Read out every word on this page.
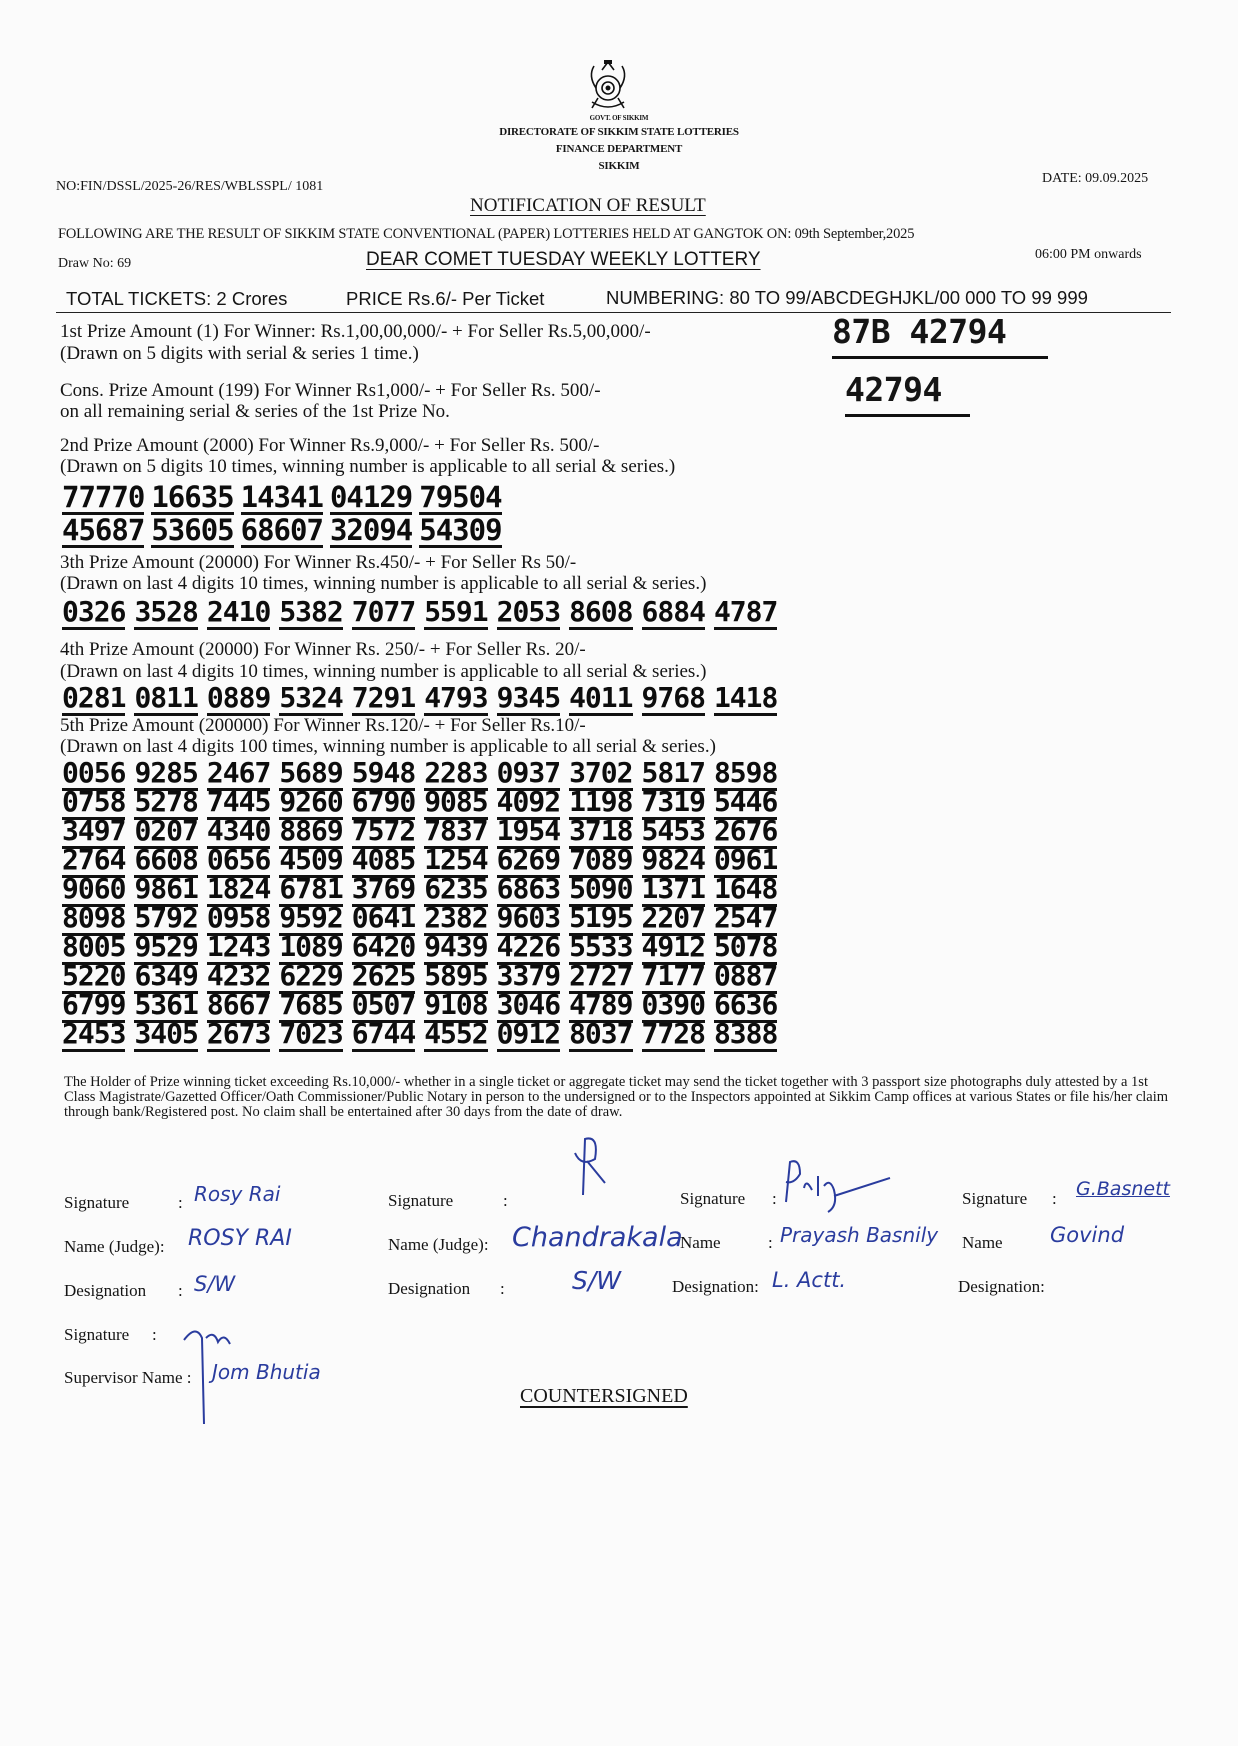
GOVT. OF SIKKIM
DIRECTORATE OF SIKKIM STATE LOTTERIES
FINANCE DEPARTMENT
SIKKIM
NO:FIN/DSSL/2025-26/RES/WBLSSPL/ 1081
DATE: 09.09.2025
NOTIFICATION OF RESULT
FOLLOWING ARE THE RESULT OF SIKKIM STATE CONVENTIONAL (PAPER) LOTTERIES HELD AT GANGTOK ON: 09th September,2025
Draw No: 69	DEAR COMET TUESDAY WEEKLY LOTTERY	06:00 PM onwards
TOTAL TICKETS: 2 Crores	PRICE Rs.6/- Per Ticket	NUMBERING: 80 TO 99/ABCDEGHJKL/00 000 TO 99 999
1st Prize Amount (1) For Winner: Rs.1,00,00,000/- + For Seller Rs.5,00,000/-
(Drawn on 5 digits with serial & series 1 time.)
87B 42794
Cons. Prize Amount (199) For Winner Rs1,000/- + For Seller Rs. 500/-
on all remaining serial & series of the 1st Prize No.
42794
2nd Prize Amount (2000) For Winner Rs.9,000/- + For Seller Rs. 500/-
(Drawn on 5 digits 10 times, winning number is applicable to all serial & series.)
77770 16635 14341 04129 79504
45687 53605 68607 32094 54309
3th Prize Amount (20000) For Winner Rs.450/- + For Seller Rs 50/-
(Drawn on last 4 digits 10 times, winning number is applicable to all serial & series.)
0326 3528 2410 5382 7077 5591 2053 8608 6884 4787
4th Prize Amount (20000) For Winner Rs. 250/- + For Seller Rs. 20/-
(Drawn on last 4 digits 10 times, winning number is applicable to all serial & series.)
0281 0811 0889 5324 7291 4793 9345 4011 9768 1418
5th Prize Amount (200000) For Winner Rs.120/- + For Seller Rs.10/-
(Drawn on last 4 digits 100 times, winning number is applicable to all serial & series.)
0056 9285 2467 5689 5948 2283 0937 3702 5817 8598
0758 5278 7445 9260 6790 9085 4092 1198 7319 5446
3497 0207 4340 8869 7572 7837 1954 3718 5453 2676
2764 6608 0656 4509 4085 1254 6269 7089 9824 0961
9060 9861 1824 6781 3769 6235 6863 5090 1371 1648
8098 5792 0958 9592 0641 2382 9603 5195 2207 2547
8005 9529 1243 1089 6420 9439 4226 5533 4912 5078
5220 6349 4232 6229 2625 5895 3379 2727 7177 0887
6799 5361 8667 7685 0507 9108 3046 4789 0390 6636
2453 3405 2673 7023 6744 4552 0912 8037 7728 8388
The Holder of Prize winning ticket exceeding Rs.10,000/- whether in a single ticket or aggregate ticket may send the ticket together with 3 passport size photographs duly attested by a 1st Class Magistrate/Gazetted Officer/Oath Commissioner/Public Notary in person to the undersigned or to the Inspectors appointed at Sikkim Camp offices at various States or file his/her claim through bank/Registered post. No claim shall be entertained after 30 days from the date of draw.
Signature	: Rosy Rai
Name (Judge): ROSY RAI
Designation : S/W
Signature	:
Name (Judge): Chandrakala
Designation :	S/W
Signature :
Name	: Prayash Basnily
Designation: L. Actt.
Signature : G.Basnett
Name Govind
Designation:
Signature :
Supervisor Name : Jom Bhutia
COUNTERSIGNED
